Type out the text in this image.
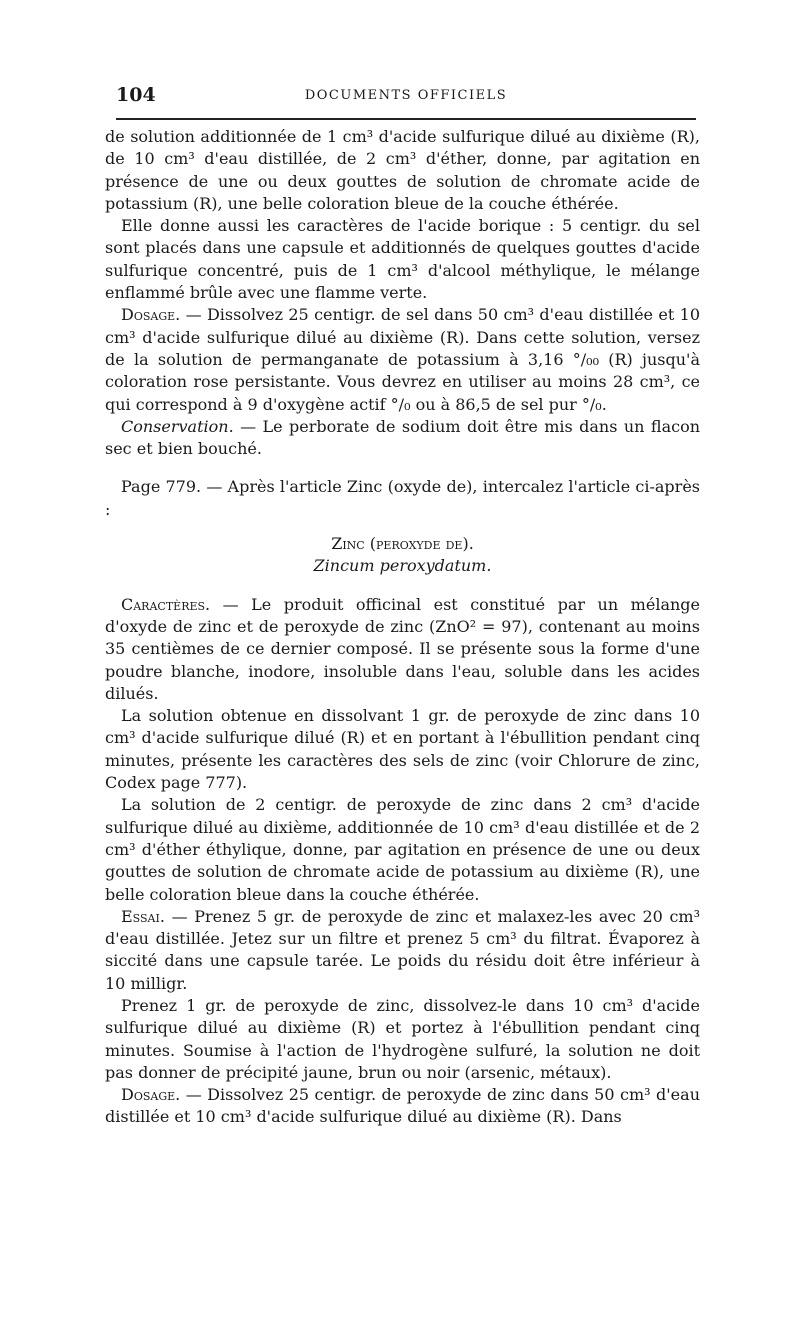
104	DOCUMENTS OFFICIELS

de solution additionnée de 1 cm³ d'acide sulfurique dilué au dixième (R), de 10 cm³ d'eau distillée, de 2 cm³ d'éther, donne, par agitation en présence de une ou deux gouttes de solution de chromate acide de potassium (R), une belle coloration bleue de la couche éthérée.

Elle donne aussi les caractères de l'acide borique : 5 centigr. du sel sont placés dans une capsule et additionnés de quelques gouttes d'acide sulfurique concentré, puis de 1 cm³ d'alcool méthylique, le mélange enflammé brûle avec une flamme verte.

Dosage. — Dissolvez 25 centigr. de sel dans 50 cm³ d'eau distillée et 10 cm³ d'acide sulfurique dilué au dixième (R). Dans cette solution, versez de la solution de permanganate de potassium à 3,16 °/₀₀ (R) jusqu'à coloration rose persistante. Vous devrez en utiliser au moins 28 cm³, ce qui correspond à 9 d'oxygène actif °/₀ ou à 86,5 de sel pur °/₀.

Conservation. — Le perborate de sodium doit être mis dans un flacon sec et bien bouché.

Page 779. — Après l'article Zinc (oxyde de), intercalez l'article ci-après :

Zinc (peroxyde de).

Zincum peroxydatum.

Caractères. — Le produit officinal est constitué par un mélange d'oxyde de zinc et de peroxyde de zinc (ZnO² = 97), contenant au moins 35 centièmes de ce dernier composé. Il se présente sous la forme d'une poudre blanche, inodore, insoluble dans l'eau, soluble dans les acides dilués.

La solution obtenue en dissolvant 1 gr. de peroxyde de zinc dans 10 cm³ d'acide sulfurique dilué (R) et en portant à l'ébullition pendant cinq minutes, présente les caractères des sels de zinc (voir Chlorure de zinc, Codex page 777).

La solution de 2 centigr. de peroxyde de zinc dans 2 cm³ d'acide sulfurique dilué au dixième, additionnée de 10 cm³ d'eau distillée et de 2 cm³ d'éther éthylique, donne, par agitation en présence de une ou deux gouttes de solution de chromate acide de potassium au dixième (R), une belle coloration bleue dans la couche éthérée.

Essai. — Prenez 5 gr. de peroxyde de zinc et malaxez-les avec 20 cm³ d'eau distillée. Jetez sur un filtre et prenez 5 cm³ du filtrat. Évaporez à siccité dans une capsule tarée. Le poids du résidu doit être inférieur à 10 milligr.

Prenez 1 gr. de peroxyde de zinc, dissolvez-le dans 10 cm³ d'acide sulfurique dilué au dixième (R) et portez à l'ébullition pendant cinq minutes. Soumise à l'action de l'hydrogène sulfuré, la solution ne doit pas donner de précipité jaune, brun ou noir (arsenic, métaux).

Dosage. — Dissolvez 25 centigr. de peroxyde de zinc dans 50 cm³ d'eau distillée et 10 cm³ d'acide sulfurique dilué au dixième (R). Dans
